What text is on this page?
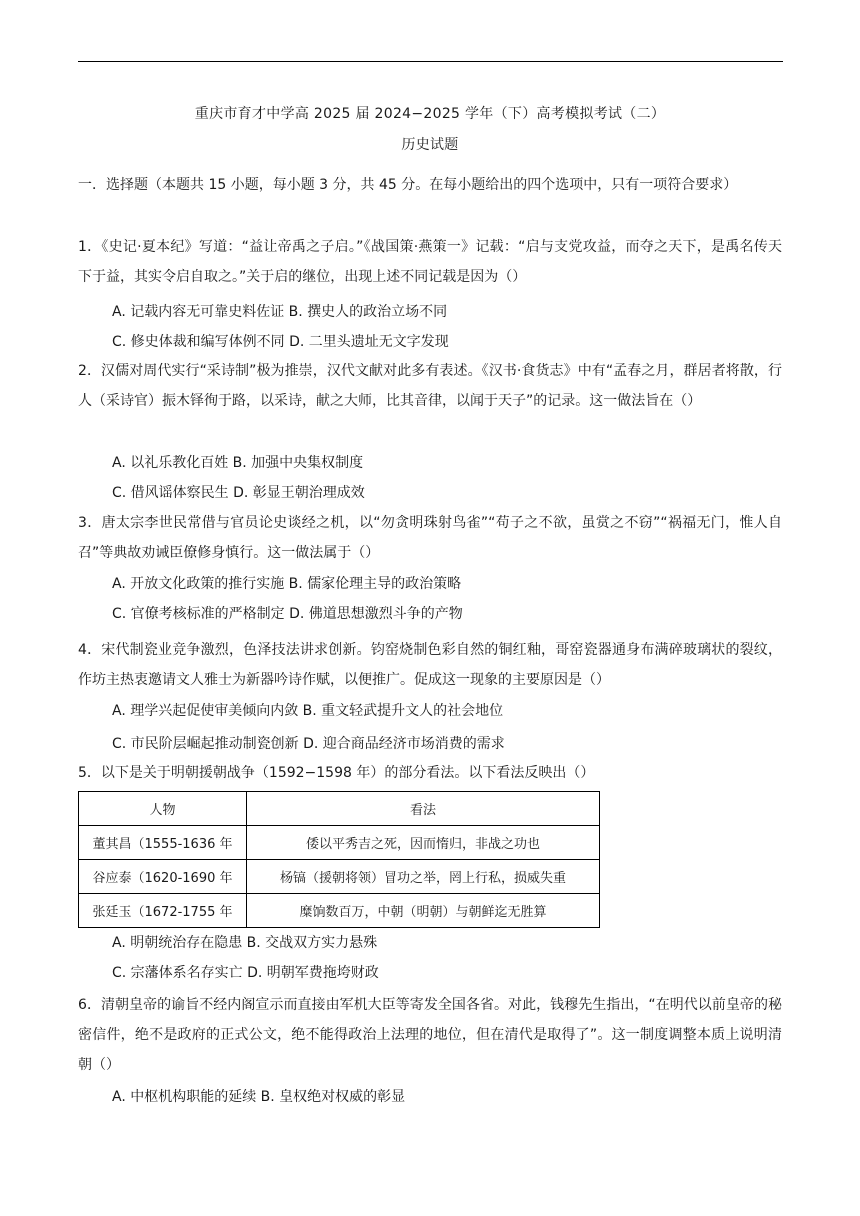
重庆市育才中学高 2025 届 2024−2025 学年（下）高考模拟考试（二）
历史试题

一．选择题（本题共 15 小题，每小题 3 分，共 45 分。在每小题给出的四个选项中，只有一项符合要求）

1．《史记·夏本纪》写道：“益让帝禹之子启。”《战国策·燕策一》记载：“启与支党攻益，而夺之天下，是禹名传天下于益，其实令启自取之。”关于启的继位，出现上述不同记载是因为（）

A. 记载内容无可靠史料佐证 B. 撰史人的政治立场不同
C. 修史体裁和编写体例不同 D. 二里头遗址无文字发现

2．汉儒对周代实行“采诗制”极为推崇，汉代文献对此多有表述。《汉书·食货志》中有“孟春之月，群居者将散，行人（采诗官）振木铎徇于路，以采诗，献之大师，比其音律，以闻于天子”的记录。这一做法旨在（）

A. 以礼乐教化百姓 B. 加强中央集权制度
C. 借风谣体察民生 D. 彰显王朝治理成效

3．唐太宗李世民常借与官员论史谈经之机，以“勿贪明珠射鸟雀”“苟子之不欲，虽赏之不窃”“祸福无门，惟人自召”等典故劝诫臣僚修身慎行。这一做法属于（）

A. 开放文化政策的推行实施 B. 儒家伦理主导的政治策略
C. 官僚考核标准的严格制定 D. 佛道思想激烈斗争的产物

4．宋代制瓷业竞争激烈，色泽技法讲求创新。钧窑烧制色彩自然的铜红釉，哥窑瓷器通身布满碎玻璃状的裂纹，作坊主热衷邀请文人雅士为新器吟诗作赋，以便推广。促成这一现象的主要原因是（）

A. 理学兴起促使审美倾向内敛 B. 重文轻武提升文人的社会地位
C. 市民阶层崛起推动制瓷创新 D. 迎合商品经济市场消费的需求

5．以下是关于明朝援朝战争（1592−1598 年）的部分看法。以下看法反映出（）

人物	看法
董其昌（1555-1636 年	倭以平秀吉之死，因而惰归，非战之功也
谷应泰（1620-1690 年	杨镐（援朝将领）冒功之举，罔上行私，损威失重
张廷玉（1672-1755 年	糜饷数百万，中朝（明朝）与朝鲜迄无胜算
A. 明朝统治存在隐患 B. 交战双方实力悬殊
C. 宗藩体系名存实亡 D. 明朝军费拖垮财政

6．清朝皇帝的谕旨不经内阁宣示而直接由军机大臣等寄发全国各省。对此，钱穆先生指出，“在明代以前皇帝的秘密信件，绝不是政府的正式公文，绝不能得政治上法理的地位，但在清代是取得了”。这一制度调整本质上说明清朝（）

A. 中枢机构职能的延续 B. 皇权绝对权威的彰显
